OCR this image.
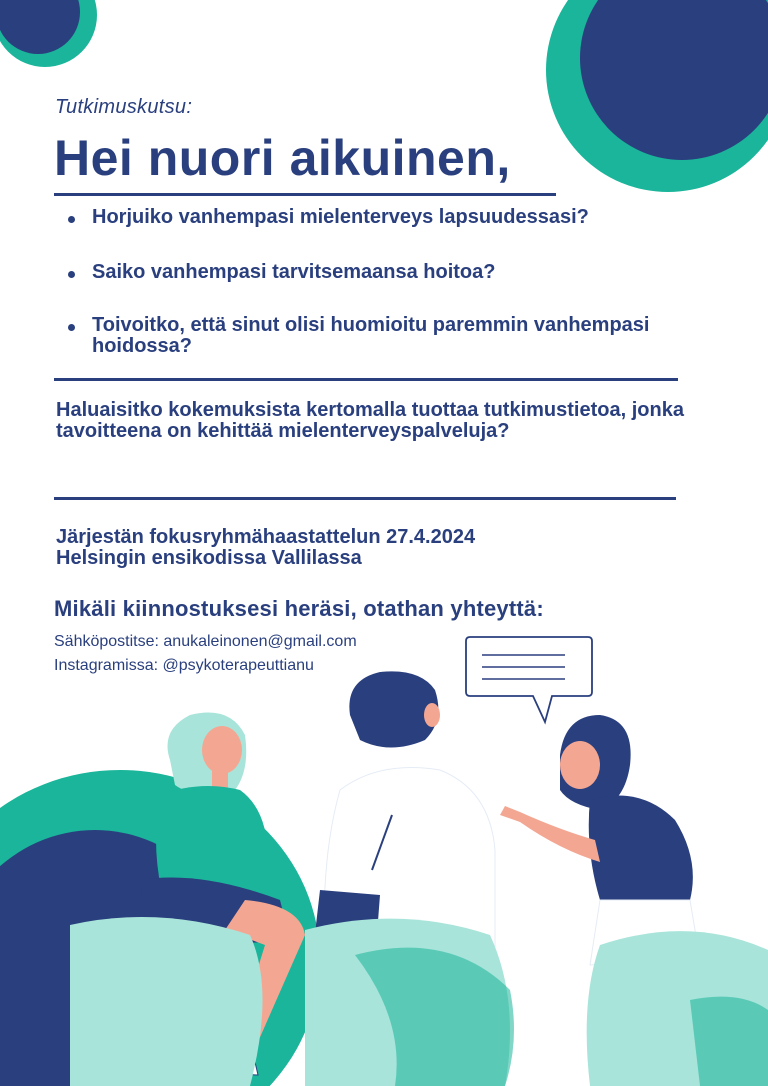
Tutkimuskutsu:
Hei nuori aikuinen,
Horjuiko vanhempasi mielenterveys lapsuudessasi?
Saiko vanhempasi tarvitsemaansa hoitoa?
Toivoitko, että sinut olisi huomioitu paremmin vanhempasi hoidossa?
Haluaisitko kokemuksista kertomalla tuottaa tutkimustietoa, jonka tavoitteena on kehittää mielenterveyspalveluja?
Järjestän fokusryhmähaastattelun 27.4.2024
Helsingin ensikodissa Vallilassa
Mikäli kiinnostuksesi heräsi, otathan yhteyttä:
Sähköpostitse: anukaleinonen@gmail.com
Instagramissa: @psykoterapeuttianu
